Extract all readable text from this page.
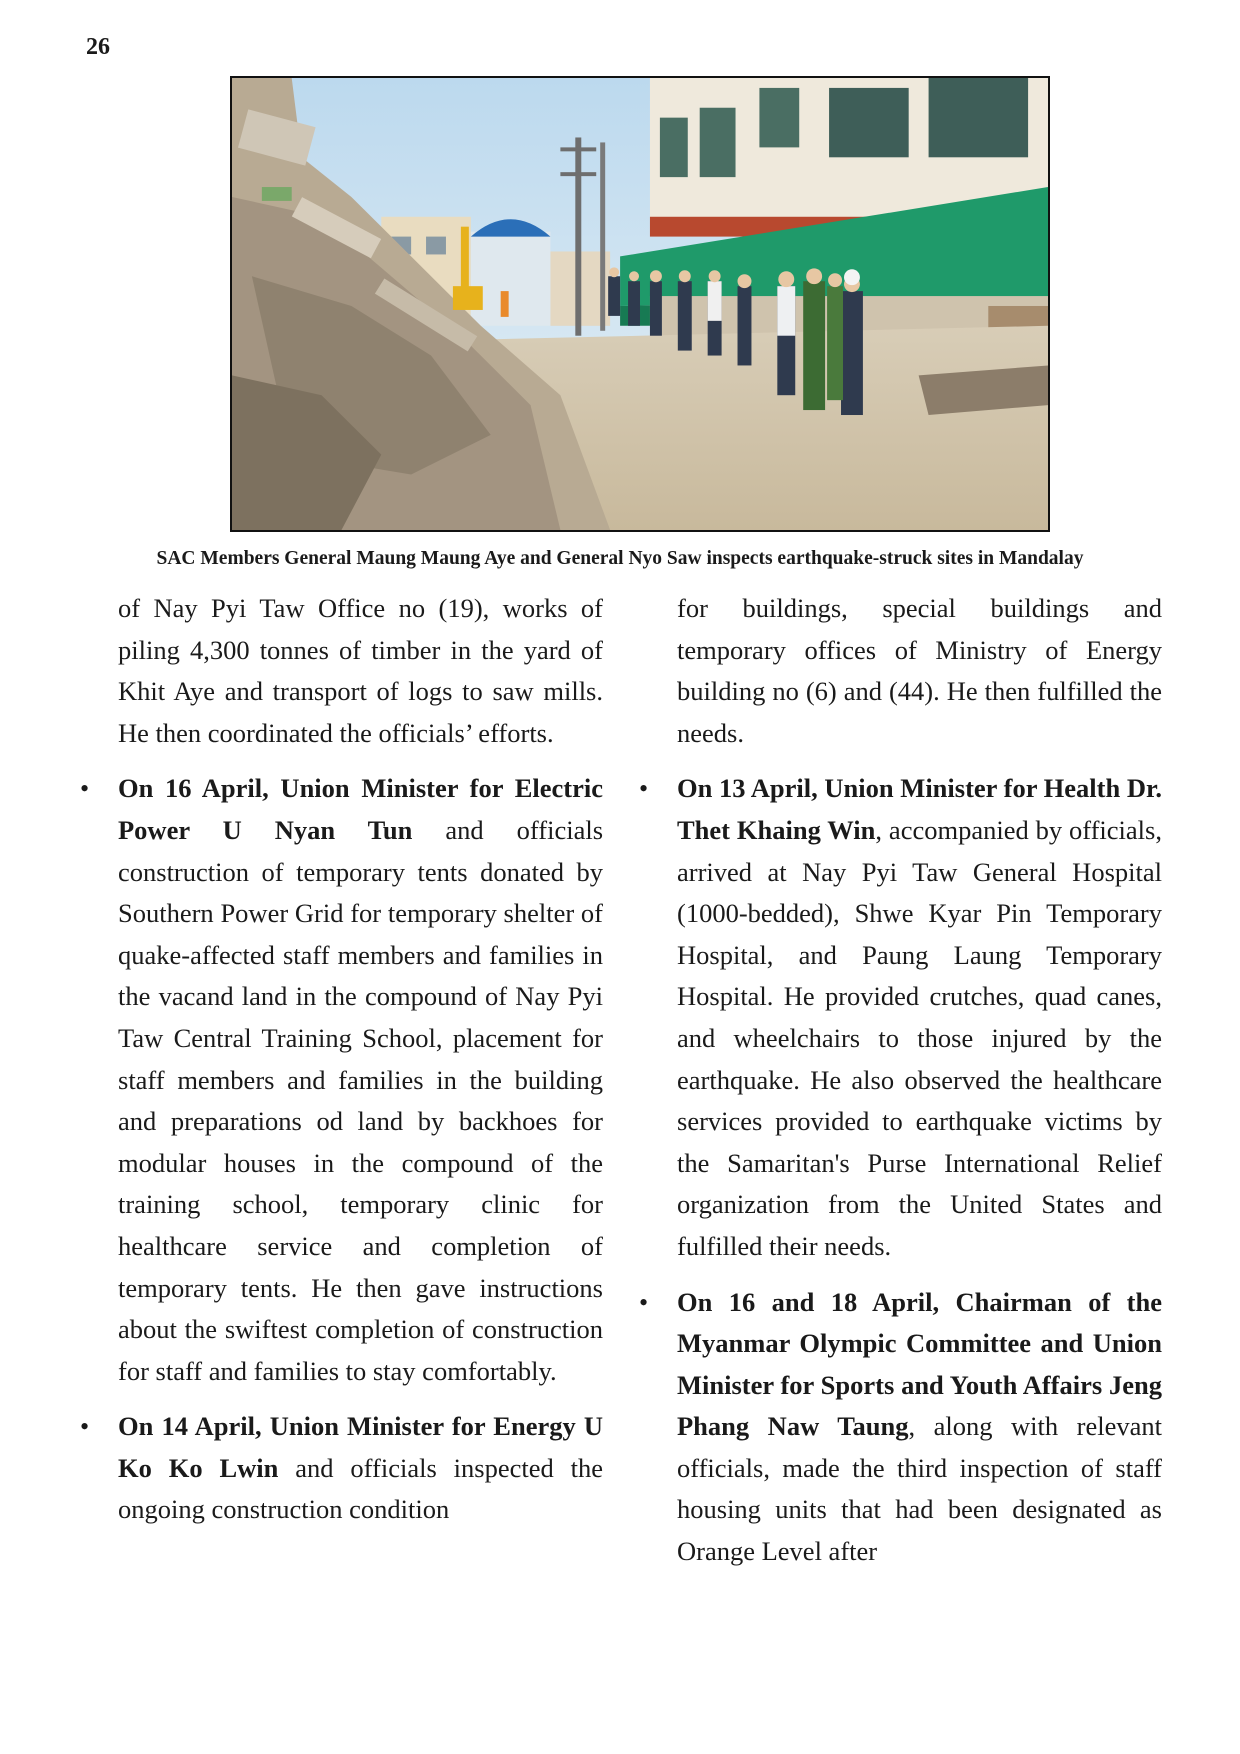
26
SAC Members General Maung Maung Aye and General Nyo Saw inspects earthquake-struck sites in Mandalay

of Nay Pyi Taw Office no (19), works of piling 4,300 tonnes of timber in the yard of Khit Aye and transport of logs to saw mills. He then coordinated the officials’ efforts.

• On 16 April, Union Minister for Electric Power U Nyan Tun and officials construction of temporary tents donated by Southern Power Grid for temporary shelter of quake-affected staff members and families in the vacand land in the compound of Nay Pyi Taw Central Training School, placement for staff members and families in the building and preparations od land by backhoes for modular houses in the compound of the training school, temporary clinic for healthcare service and completion of temporary tents. He then gave instructions about the swiftest completion of construction for staff and families to stay comfortably.
• On 14 April, Union Minister for Energy U Ko Ko Lwin and officials inspected the ongoing construction condition

for buildings, special buildings and temporary offices of Ministry of Energy building no (6) and (44). He then fulfilled the needs.

• On 13 April, Union Minister for Health Dr. Thet Khaing Win, accompanied by officials, arrived at Nay Pyi Taw General Hospital (1000-bedded), Shwe Kyar Pin Temporary Hospital, and Paung Laung Temporary Hospital. He provided crutches, quad canes, and wheelchairs to those injured by the earthquake. He also observed the healthcare services provided to earthquake victims by the Samaritan's Purse International Relief organization from the United States and fulfilled their needs.
• On 16 and 18 April, Chairman of the Myanmar Olympic Committee and Union Minister for Sports and Youth Affairs Jeng Phang Naw Taung, along with relevant officials, made the third inspection of staff housing units that had been designated as Orange Level after
